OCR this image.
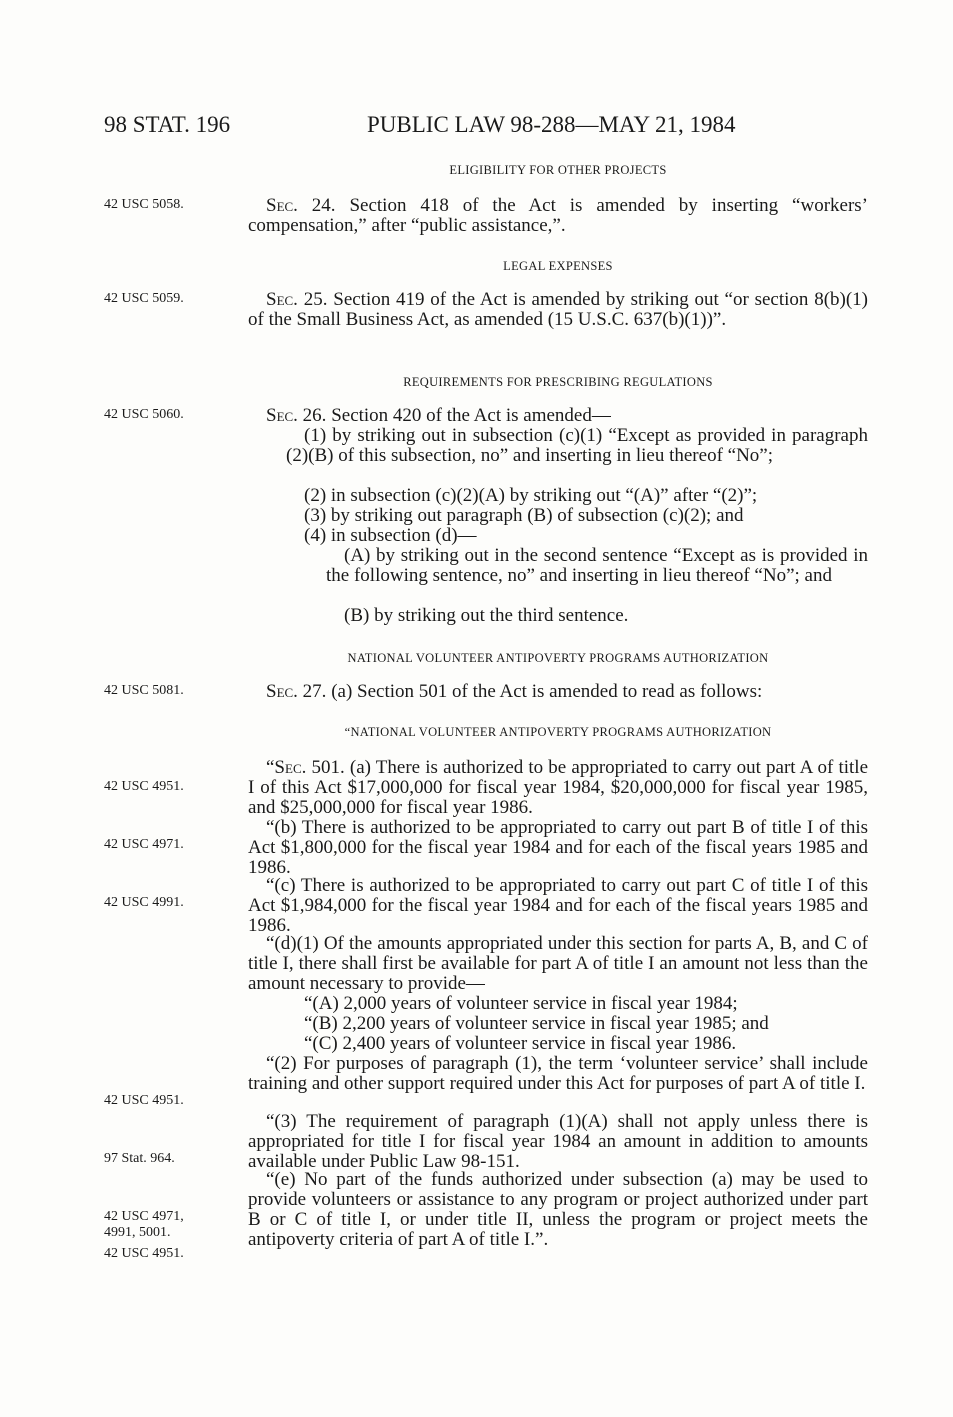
98 STAT. 196	PUBLIC LAW 98-288—MAY 21, 1984
42 USC 5058.
42 USC 5059.
42 USC 5060.
42 USC 5081.
42 USC 4951.
42 USC 4971.
42 USC 4991.
42 USC 4951.
97 Stat. 964.
42 USC 4971,
4991, 5001.
42 USC 4951.
ELIGIBILITY FOR OTHER PROJECTS
Sec. 24. Section 418 of the Act is amended by inserting “workers’ compensation,” after “public assistance,”.
LEGAL EXPENSES
Sec. 25. Section 419 of the Act is amended by striking out “or section 8(b)(1) of the Small Business Act, as amended (15 U.S.C. 637(b)(1))”.
REQUIREMENTS FOR PRESCRIBING REGULATIONS
Sec. 26. Section 420 of the Act is amended—
(1) by striking out in subsection (c)(1) “Except as provided in paragraph (2)(B) of this subsection, no” and inserting in lieu thereof “No”;
(2) in subsection (c)(2)(A) by striking out “(A)” after “(2)”;
(3) by striking out paragraph (B) of subsection (c)(2); and
(4) in subsection (d)—
(A) by striking out in the second sentence “Except as is provided in the following sentence, no” and inserting in lieu thereof “No”; and
(B) by striking out the third sentence.
NATIONAL VOLUNTEER ANTIPOVERTY PROGRAMS AUTHORIZATION
Sec. 27. (a) Section 501 of the Act is amended to read as follows:
“NATIONAL VOLUNTEER ANTIPOVERTY PROGRAMS AUTHORIZATION
“Sec. 501. (a) There is authorized to be appropriated to carry out part A of title I of this Act $17,000,000 for fiscal year 1984, $20,000,000 for fiscal year 1985, and $25,000,000 for fiscal year 1986.
“(b) There is authorized to be appropriated to carry out part B of title I of this Act $1,800,000 for the fiscal year 1984 and for each of the fiscal years 1985 and 1986.
“(c) There is authorized to be appropriated to carry out part C of title I of this Act $1,984,000 for the fiscal year 1984 and for each of the fiscal years 1985 and 1986.
“(d)(1) Of the amounts appropriated under this section for parts A, B, and C of title I, there shall first be available for part A of title I an amount not less than the amount necessary to provide—
“(A) 2,000 years of volunteer service in fiscal year 1984;
“(B) 2,200 years of volunteer service in fiscal year 1985; and
“(C) 2,400 years of volunteer service in fiscal year 1986.
“(2) For purposes of paragraph (1), the term ‘volunteer service’ shall include training and other support required under this Act for purposes of part A of title I.
“(3) The requirement of paragraph (1)(A) shall not apply unless there is appropriated for title I for fiscal year 1984 an amount in addition to amounts available under Public Law 98-151.
“(e) No part of the funds authorized under subsection (a) may be used to provide volunteers or assistance to any program or project authorized under part B or C of title I, or under title II, unless the program or project meets the antipoverty criteria of part A of title I.”.
